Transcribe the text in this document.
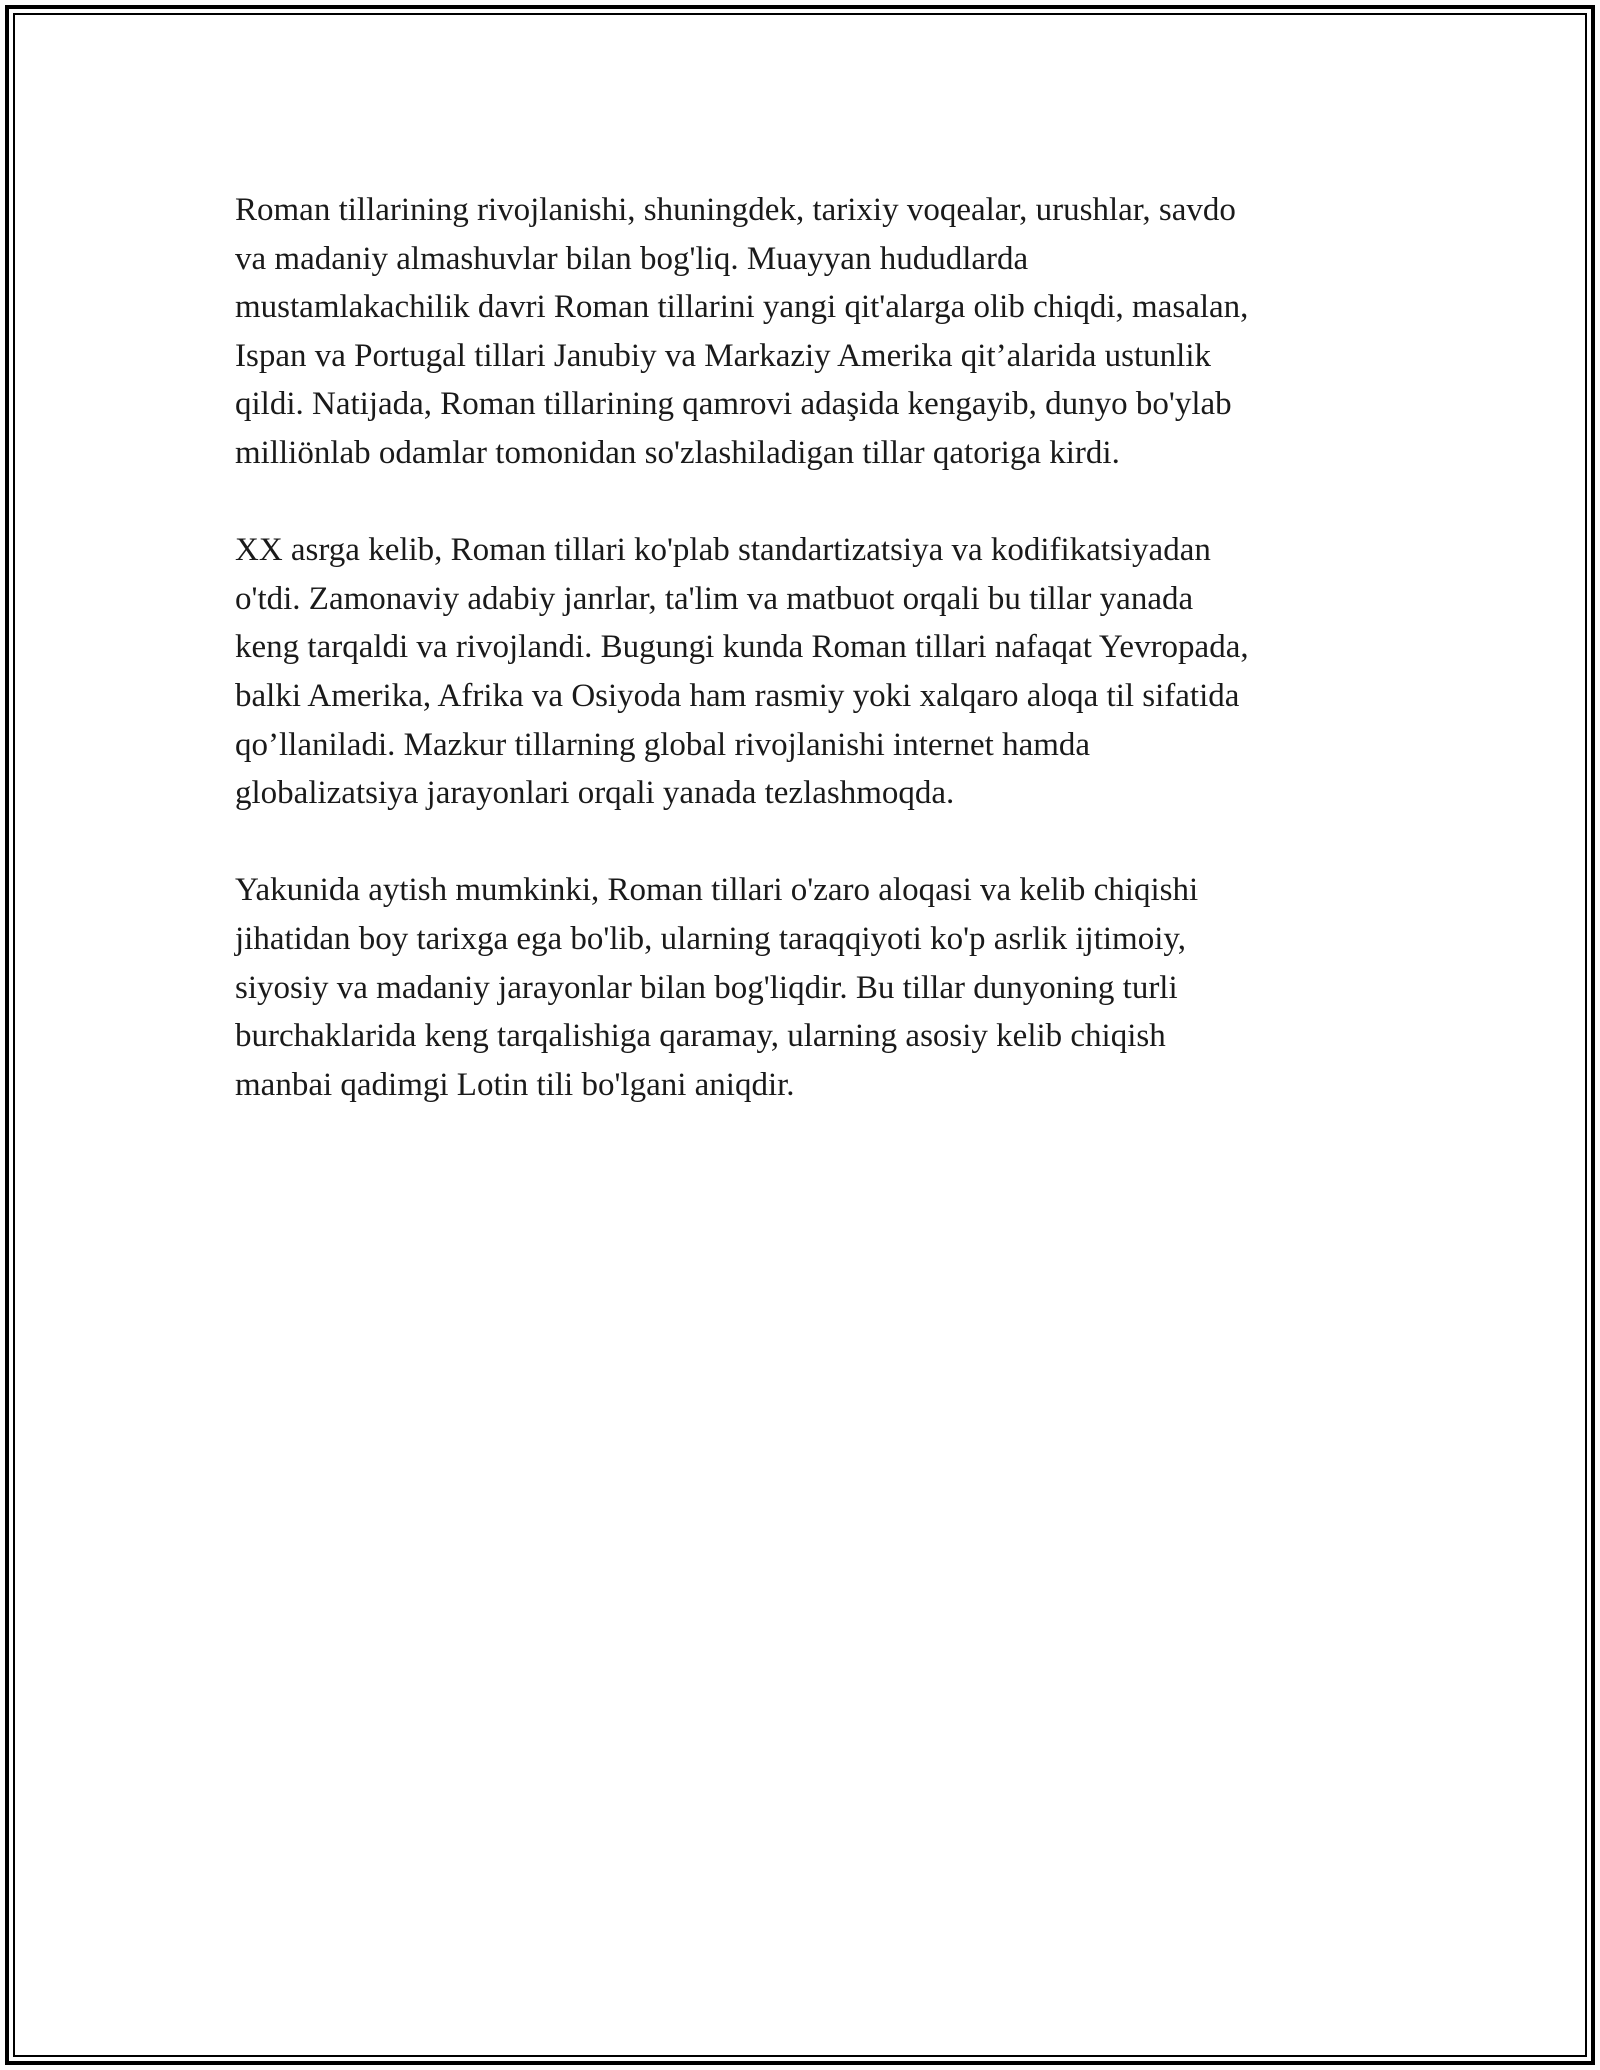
Roman tillarining rivojlanishi, shuningdek, tarixiy voqealar, urushlar, savdo
va madaniy almashuvlar bilan bog'liq. Muayyan hududlarda
mustamlakachilik davri Roman tillarini yangi qit'alarga olib chiqdi, masalan,
Ispan va Portugal tillari Janubiy va Markaziy Amerika qit’alarida ustunlik
qildi. Natijada, Roman tillarining qamrovi adaşida kengayib, dunyo bo'ylab
milliönlab odamlar tomonidan so'zlashiladigan tillar qatoriga kirdi.

XX asrga kelib, Roman tillari ko'plab standartizatsiya va kodifikatsiyadan
o'tdi. Zamonaviy adabiy janrlar, ta'lim va matbuot orqali bu tillar yanada
keng tarqaldi va rivojlandi. Bugungi kunda Roman tillari nafaqat Yevropada,
balki Amerika, Afrika va Osiyoda ham rasmiy yoki xalqaro aloqa til sifatida
qo’llaniladi. Mazkur tillarning global rivojlanishi internet hamda
globalizatsiya jarayonlari orqali yanada tezlashmoqda.

Yakunida aytish mumkinki, Roman tillari o'zaro aloqasi va kelib chiqishi
jihatidan boy tarixga ega bo'lib, ularning taraqqiyoti ko'p asrlik ijtimoiy,
siyosiy va madaniy jarayonlar bilan bog'liqdir. Bu tillar dunyoning turli
burchaklarida keng tarqalishiga qaramay, ularning asosiy kelib chiqish
manbai qadimgi Lotin tili bo'lgani aniqdir.
